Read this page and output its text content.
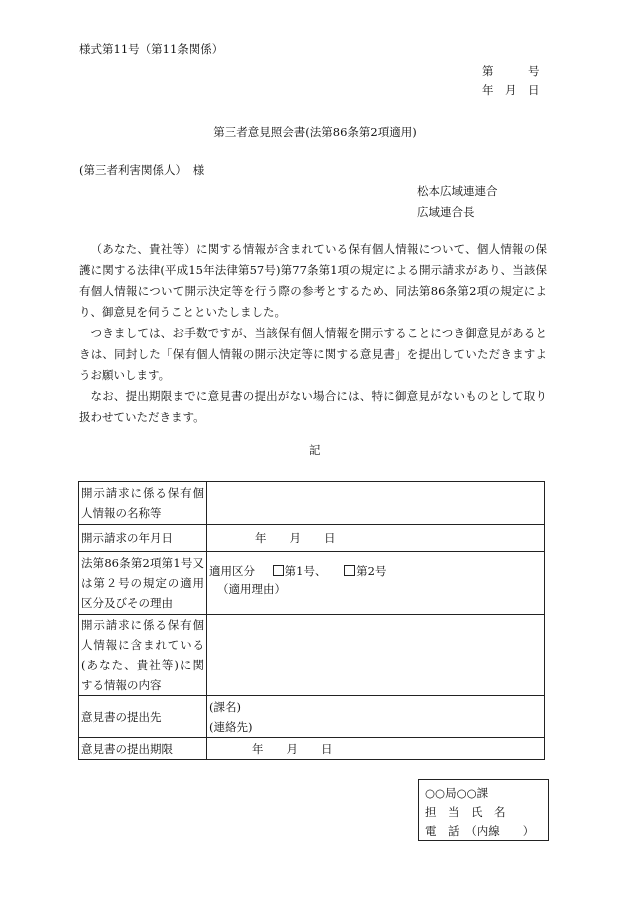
様式第11号（第11条関係）
第　　　号
年　月　日
第三者意見照会書(法第86条第2項適用)
(第三者利害関係人）　様
松本広域連連合
広域連合長
（あなた、貴社等）に関する情報が含まれている保有個人情報について、個人情報の保護に関する法律(平成15年法律第57号)第77条第1項の規定による開示請求があり、当該保有個人情報について開示決定等を行う際の参考とするため、同法第86条第2項の規定により、御意見を伺うことといたしました。
つきましては、お手数ですが、当該保有個人情報を開示することにつき御意見があるときは、同封した「保有個人情報の開示決定等に関する意見書」を提出していただきますようお願いします。
なお、提出期限までに意見書の提出がない場合には、特に御意見がないものとして取り扱わせていただきます。
記
開示請求に係る保有個人情報の名称等	
開示請求の年月日	年　　月　　日
法第86条第2項第1号又は第２号の規定の適用区分及びその理由	適用区分 第1号、 第2号
（適用理由）

開示請求に係る保有個人情報に含まれている(あなた、貴社等)に関する情報の内容	
意見書の提出先	(課名)
(連絡先)

意見書の提出期限	年　　月　　日
○○局○○課
担　当　氏　名
電　話　（内線　　）
